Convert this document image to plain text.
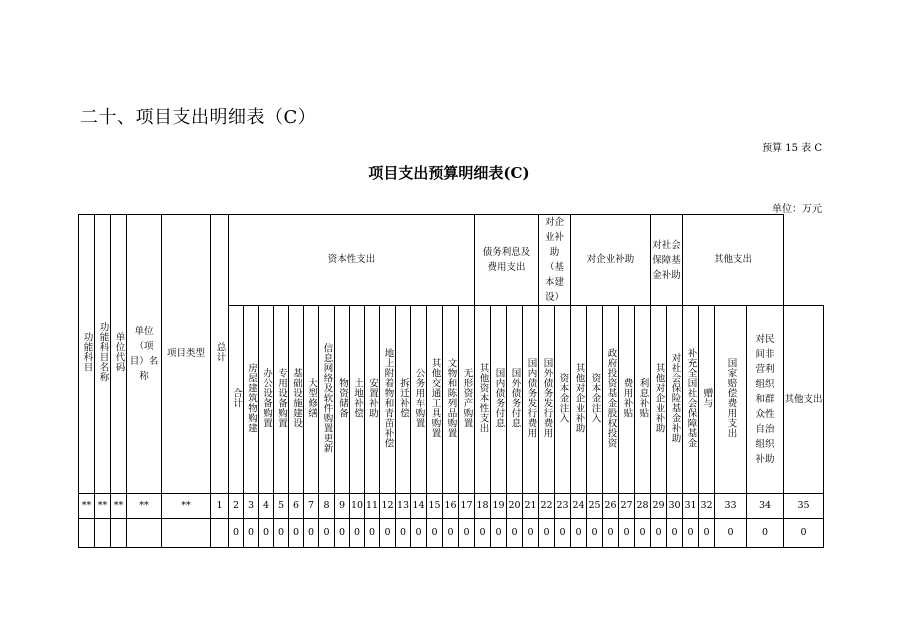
二十、项目支出明细表（C）
预算 15 表 C
项目支出预算明细表(C)
单位：万元
功能科目	功能科目名称	单位代码	单位（项目）名称	项目类型	总计	资本性支出																债务利息及费用支出				对企业补助（基本建设）		对企业补助					对社会保障基金补助		其他支出				
						合计	房屋建筑物购建	办公设备购置	专用设备购置	基础设施建设	大型修缮	信息网络及软件购置更新	物资储备	土地补偿	安置补助	地上附着物和青苗补偿	拆迁补偿	公务用车购置	其他交通工具购置	文物和陈列品购置	无形资产购置	其他资本性支出	国内债务付息	国外债务付息	国内债务发行费用	国外债务发行费用	资本金注入	其他对企业补助	资本金注入	政府投资基金股权投资	费用补贴	利息补贴	其他对企业补助	对社会保险基金补助	补充全国社会保障基金	赠与	国家赔偿费用支出	对民间非营利组织和群众性自治组织补助	其他支出
**	**	**	**	**	1	2	3	4	5	6	7	8	9	10	11	12	13	14	15	16	17	18	19	20	21	22	23	24	25	26	27	28	29	30	31	32	33	34	35
						0	0	0	0	0	0	0	0	0	0	0	0	0	0	0	0	0	0	0	0	0	0	0	0	0	0	0	0	0	0	0	0	0	0
